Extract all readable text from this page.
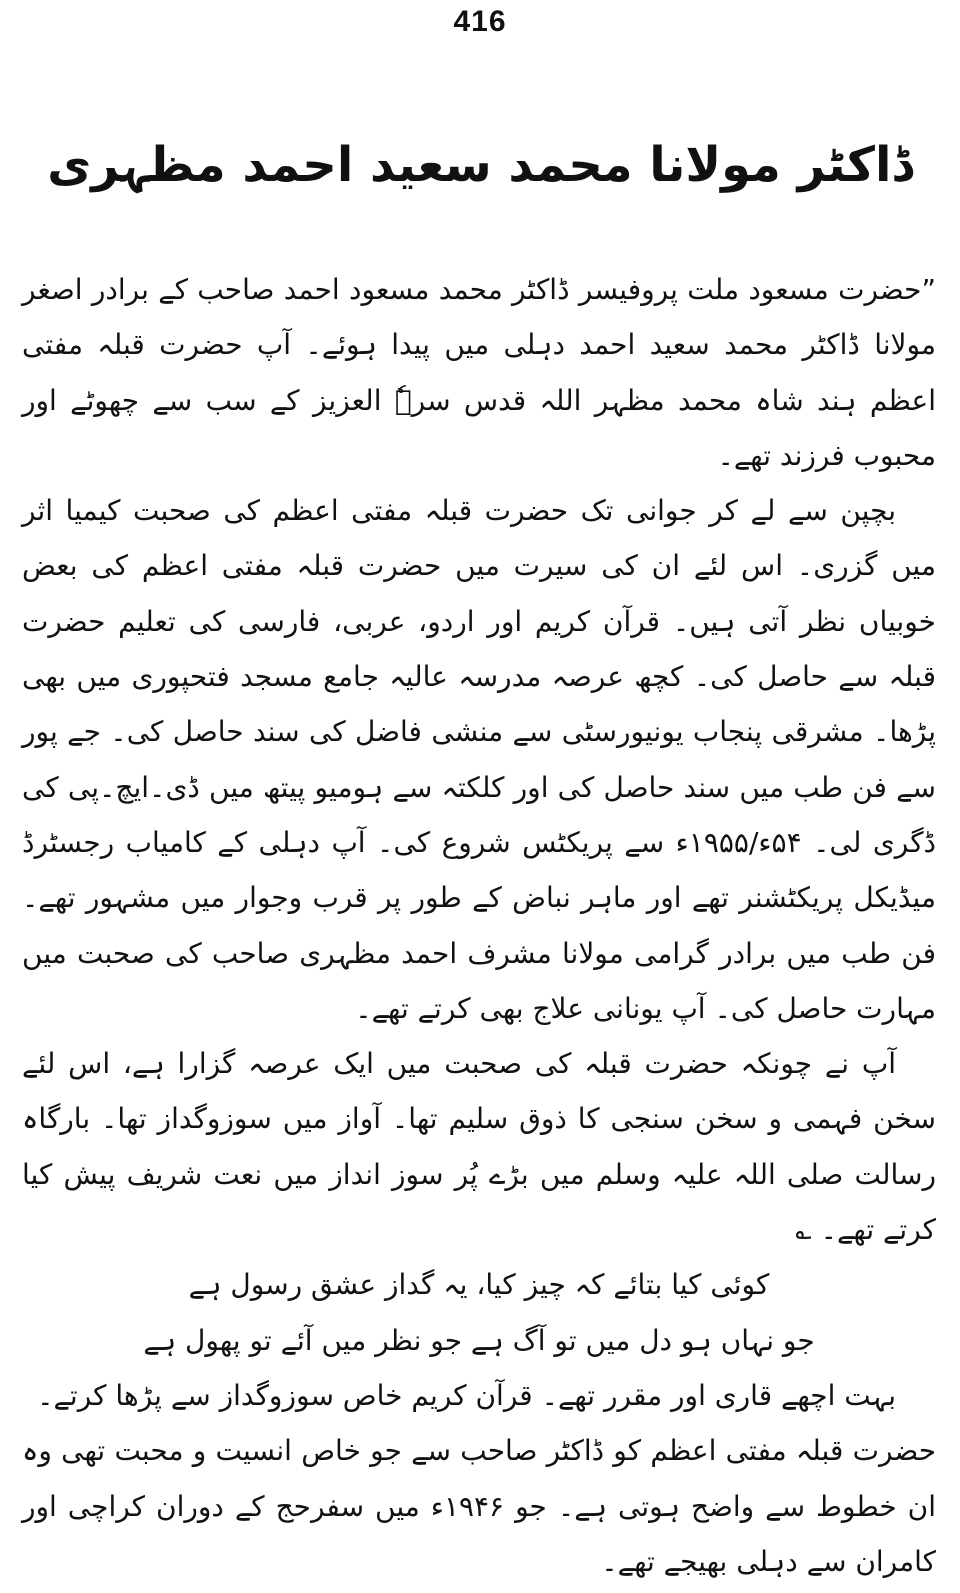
416
ڈاکٹر مولانا محمد سعید احمد مظہری

”حضرت مسعود ملت پروفیسر ڈاکٹر محمد مسعود احمد صاحب کے برادر اصغر مولانا ڈاکٹر محمد سعید احمد دہلی میں پیدا ہوئے۔ آپ حضرت قبلہ مفتی اعظم ہند شاہ محمد مظہر اللہ قدس سرہٗ العزیز کے سب سے چھوٹے اور محبوب فرزند تھے۔

بچپن سے لے کر جوانی تک حضرت قبلہ مفتی اعظم کی صحبت کیمیا اثر میں گزری۔ اس لئے ان کی سیرت میں حضرت قبلہ مفتی اعظم کی بعض خوبیاں نظر آتی ہیں۔ قرآن کریم اور اردو، عربی، فارسی کی تعلیم حضرت قبلہ سے حاصل کی۔ کچھ عرصہ مدرسہ عالیہ جامع مسجد فتحپوری میں بھی پڑھا۔ مشرقی پنجاب یونیورسٹی سے منشی فاضل کی سند حاصل کی۔ جے پور سے فن طب میں سند حاصل کی اور کلکتہ سے ہومیو پیتھ میں ڈی۔ایچ۔پی کی ڈگری لی۔ ۵۴ء/۱۹۵۵ء سے پریکٹس شروع کی۔ آپ دہلی کے کامیاب رجسٹرڈ میڈیکل پریکٹشنر تھے اور ماہر نباض کے طور پر قرب وجوار میں مشہور تھے۔ فن طب میں برادر گرامی مولانا مشرف احمد مظہری صاحب کی صحبت میں مہارت حاصل کی۔ آپ یونانی علاج بھی کرتے تھے۔

آپ نے چونکہ حضرت قبلہ کی صحبت میں ایک عرصہ گزارا ہے، اس لئے سخن فہمی و سخن سنجی کا ذوق سلیم تھا۔ آواز میں سوزوگداز تھا۔ بارگاہ رسالت صلی اللہ علیہ وسلم میں بڑے پُر سوز انداز میں نعت شریف پیش کیا کرتے تھے۔ ؎

کوئی کیا بتائے کہ چیز کیا، یہ گداز عشق رسول ہے

جو نہاں ہو دل میں تو آگ ہے جو نظر میں آئے تو پھول ہے

بہت اچھے قاری اور مقرر تھے۔ قرآن کریم خاص سوزوگداز سے پڑھا کرتے۔

حضرت قبلہ مفتی اعظم کو ڈاکٹر صاحب سے جو خاص انسیت و محبت تھی وہ ان خطوط سے واضح ہوتی ہے۔ جو ۱۹۴۶ء میں سفرحج کے دوران کراچی اور کامران سے دہلی بھیجے تھے۔
